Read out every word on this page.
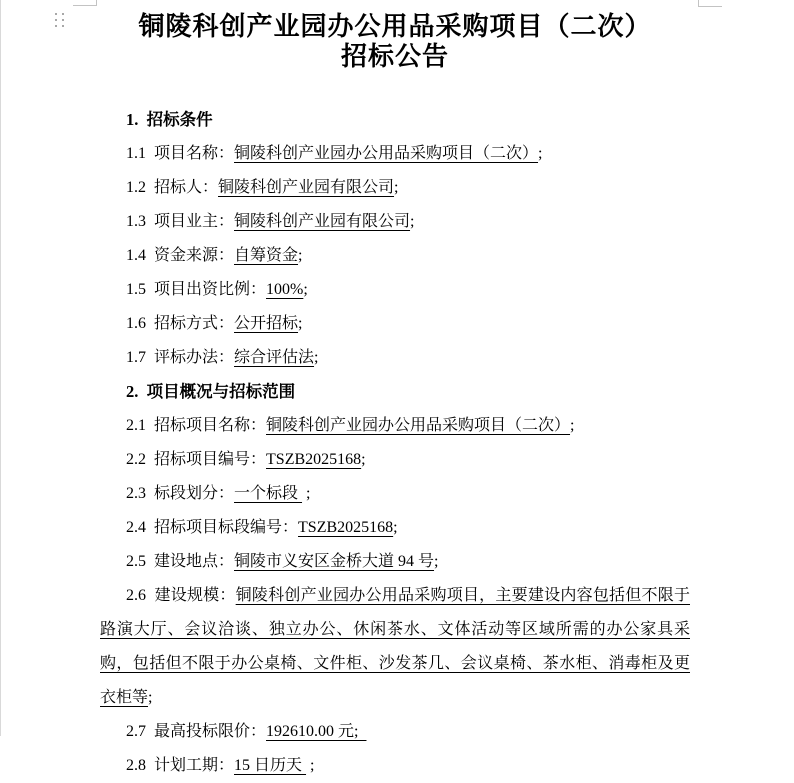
铜陵科创产业园办公用品采购项目（二次）
招标公告

1.  招标条件

1.1  项目名称：铜陵科创产业园办公用品采购项目（二次）;

1.2  招标人：铜陵科创产业园有限公司;

1.3  项目业主：铜陵科创产业园有限公司;

1.4  资金来源：自筹资金;

1.5  项目出资比例：100%;

1.6  招标方式：公开招标;

1.7  评标办法：综合评估法;

2.  项目概况与招标范围

2.1  招标项目名称：铜陵科创产业园办公用品采购项目（二次）;

2.2  招标项目编号：TSZB2025168;

2.3  标段划分：一个标段  ;

2.4  招标项目标段编号：TSZB2025168;

2.5  建设地点：铜陵市义安区金桥大道 94 号;

2.6  建设规模：铜陵科创产业园办公用品采购项目，主要建设内容包括但不限于路演大厅、会议洽谈、独立办公、休闲茶水、文体活动等区域所需的办公家具采购，包括但不限于办公桌椅、文件柜、沙发茶几、会议桌椅、茶水柜、消毒柜及更衣柜等;

2.7  最高投标限价：192610.00 元;

2.8  计划工期：15 日历天  ;
